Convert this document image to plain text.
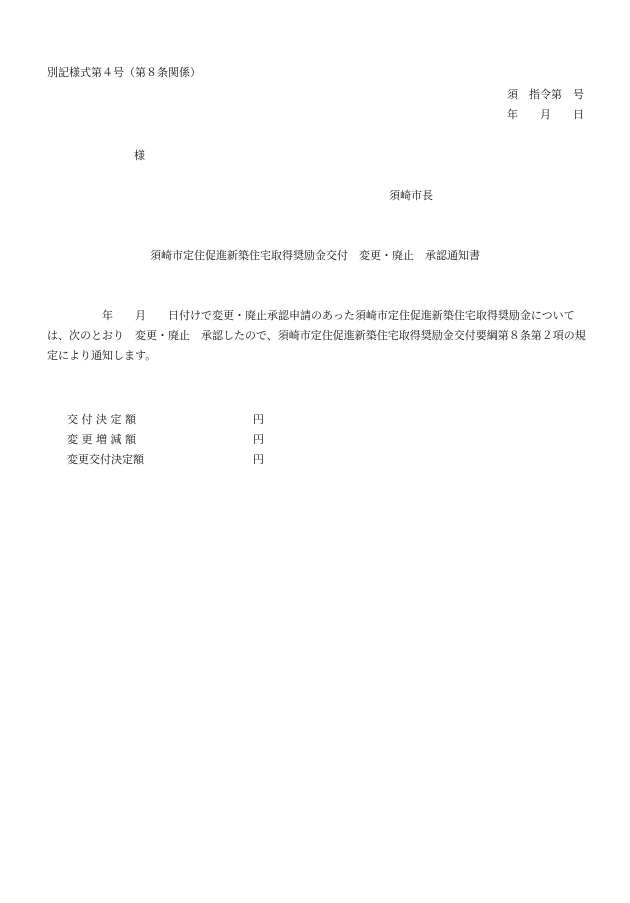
別記様式第４号（第８条関係）
須　指令第　号
年　　月　　日
様
須崎市長
須崎市定住促進新築住宅取得奨励金交付　変更・廃止　承認通知書
年　　月　　日付けで変更・廃止承認申請のあった須崎市定住促進新築住宅取得奨励金については、次のとおり　変更・廃止　承認したので、須崎市定住促進新築住宅取得奨励金交付要綱第８条第２項の規定により通知します。
交 付 決 定 額	円
変 更 増 減 額	円
変更交付決定額	円
